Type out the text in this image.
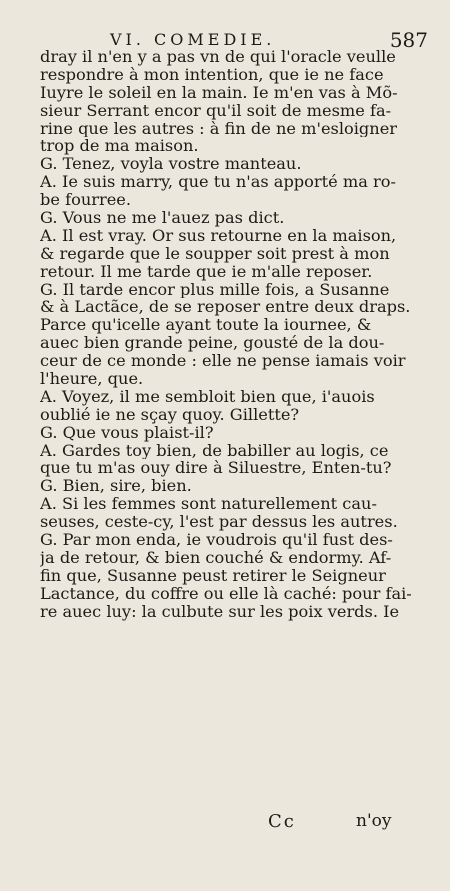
VI. COMEDIE.	587
dray il n'en y a pas vn de qui l'oracle veulle
respondre à mon intention, que ie ne face
Iuyre le soleil en la main. Ie m'en vas à Mõ-
sieur Serrant encor qu'il soit de mesme fa-
rine que les autres : à fin de ne m'esloigner
trop de ma maison.
G. Tenez, voyla vostre manteau.
A. Ie suis marry, que tu n'as apporté ma ro-
be fourree.
G. Vous ne me l'auez pas dict.
A. Il est vray. Or sus retourne en la maison,
& regarde que le soupper soit prest à mon
retour. Il me tarde que ie m'alle reposer.
G. Il tarde encor plus mille fois, a Susanne
& à Lactãce, de se reposer entre deux draps.
Parce qu'icelle ayant toute la iournee, &
auec bien grande peine, gousté de la dou-
ceur de ce monde : elle ne pense iamais voir
l'heure, que.
A. Voyez, il me sembloit bien que, i'auois
oublié ie ne sçay quoy. Gillette?
G. Que vous plaist-il?
A. Gardes toy bien, de babiller au logis, ce
que tu m'as ouy dire à Siluestre, Enten-tu?
G. Bien, sire, bien.
A. Si les femmes sont naturellement cau-
seuses, ceste-cy, l'est par dessus les autres.
G. Par mon enda, ie voudrois qu'il fust des-
ja de retour, & bien couché & endormy. Af-
fin que, Susanne peust retirer le Seigneur
Lactance, du coffre ou elle là caché: pour fai-
re auec luy: la culbute sur les poix verds. Ie
Cc	n'oy
